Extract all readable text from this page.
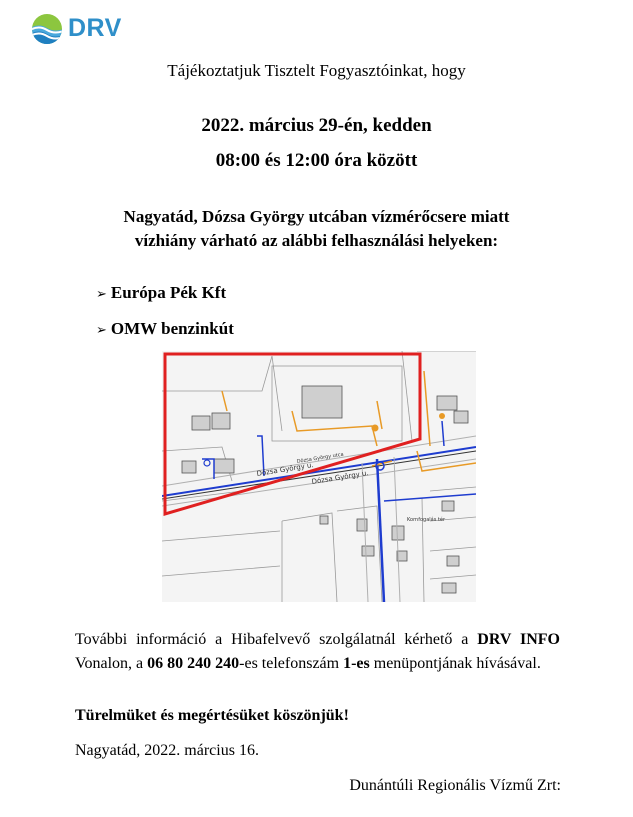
DRV
Tájékoztatjuk Tisztelt Fogyasztóinkat, hogy
2022. március 29-én, kedden
08:00 és 12:00 óra között
Nagyatád, Dózsa György utcában vízmérőcsere miatt
vízhiány várható az alábbi felhasználási helyeken:
➢ Európa Pék Kft
➢ OMW benzinkút
Dózsa György u.
Dózsa György u.
Dózsa György utca
Kornfogalás tér
További információ a Hibafelvevő szolgálatnál kérhető a DRV INFO Vonalon, a 06 80 240 240-es telefonszám 1-es menüpontjának hívásával.
Türelmüket és megértésüket köszönjük!
Nagyatád, 2022. március 16.
Dunántúli Regionális Vízmű Zrt:
